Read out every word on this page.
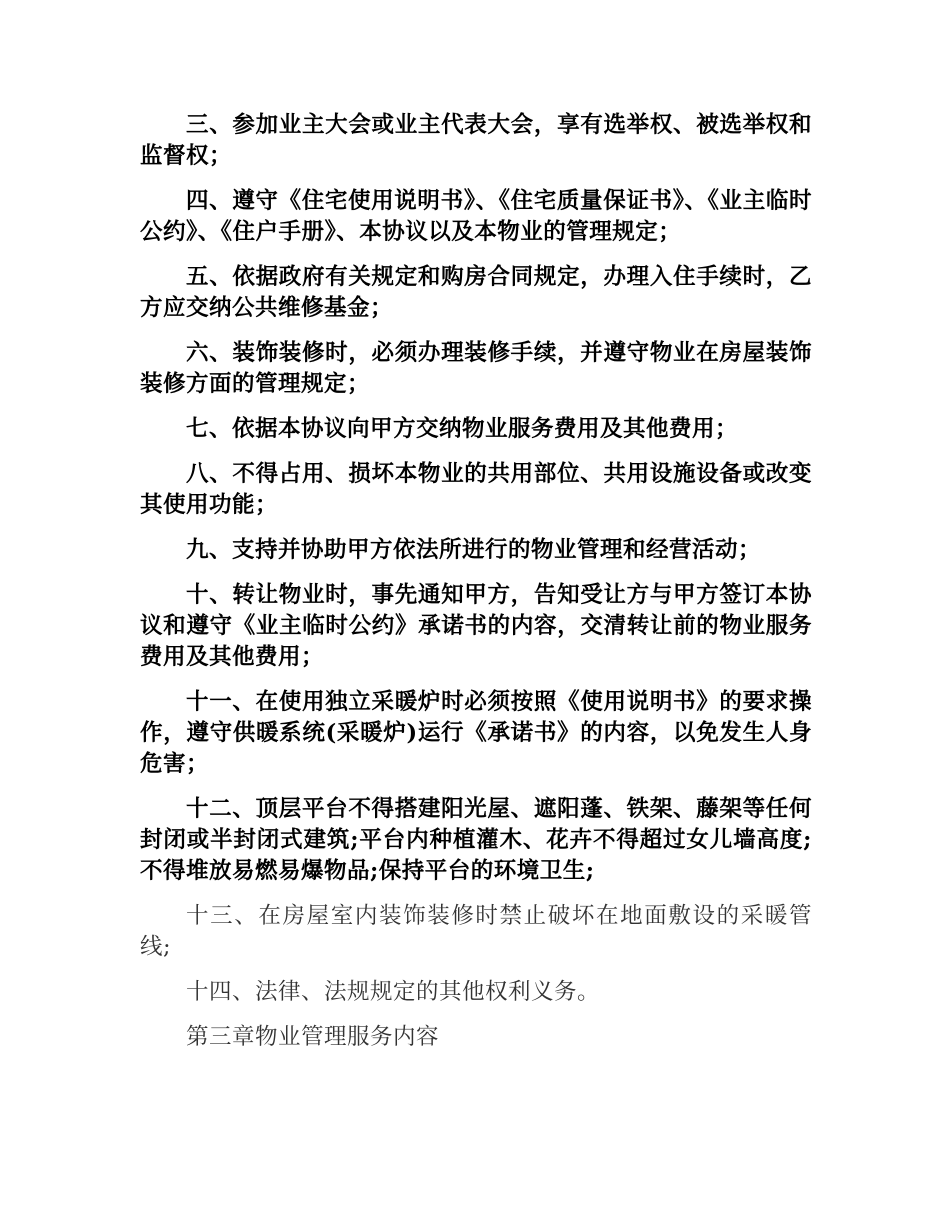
三、参加业主大会或业主代表大会，享有选举权、被选举权和监督权；

四、遵守《住宅使用说明书》、《住宅质量保证书》、《业主临时公约》、《住户手册》、本协议以及本物业的管理规定；

五、依据政府有关规定和购房合同规定，办理入住手续时，乙方应交纳公共维修基金；

六、装饰装修时，必须办理装修手续，并遵守物业在房屋装饰装修方面的管理规定；

七、依据本协议向甲方交纳物业服务费用及其他费用；

八、不得占用、损坏本物业的共用部位、共用设施设备或改变其使用功能；

九、支持并协助甲方依法所进行的物业管理和经营活动；

十、转让物业时，事先通知甲方，告知受让方与甲方签订本协议和遵守《业主临时公约》承诺书的内容，交清转让前的物业服务费用及其他费用；

十一、在使用独立采暖炉时必须按照《使用说明书》的要求操作，遵守供暖系统(采暖炉)运行《承诺书》的内容，以免发生人身危害；

十二、顶层平台不得搭建阳光屋、遮阳蓬、铁架、藤架等任何封闭或半封闭式建筑;平台内种植灌木、花卉不得超过女儿墙高度;不得堆放易燃易爆物品;保持平台的环境卫生;

十三、在房屋室内装饰装修时禁止破坏在地面敷设的采暖管线;

十四、法律、法规规定的其他权利义务。

第三章物业管理服务内容
